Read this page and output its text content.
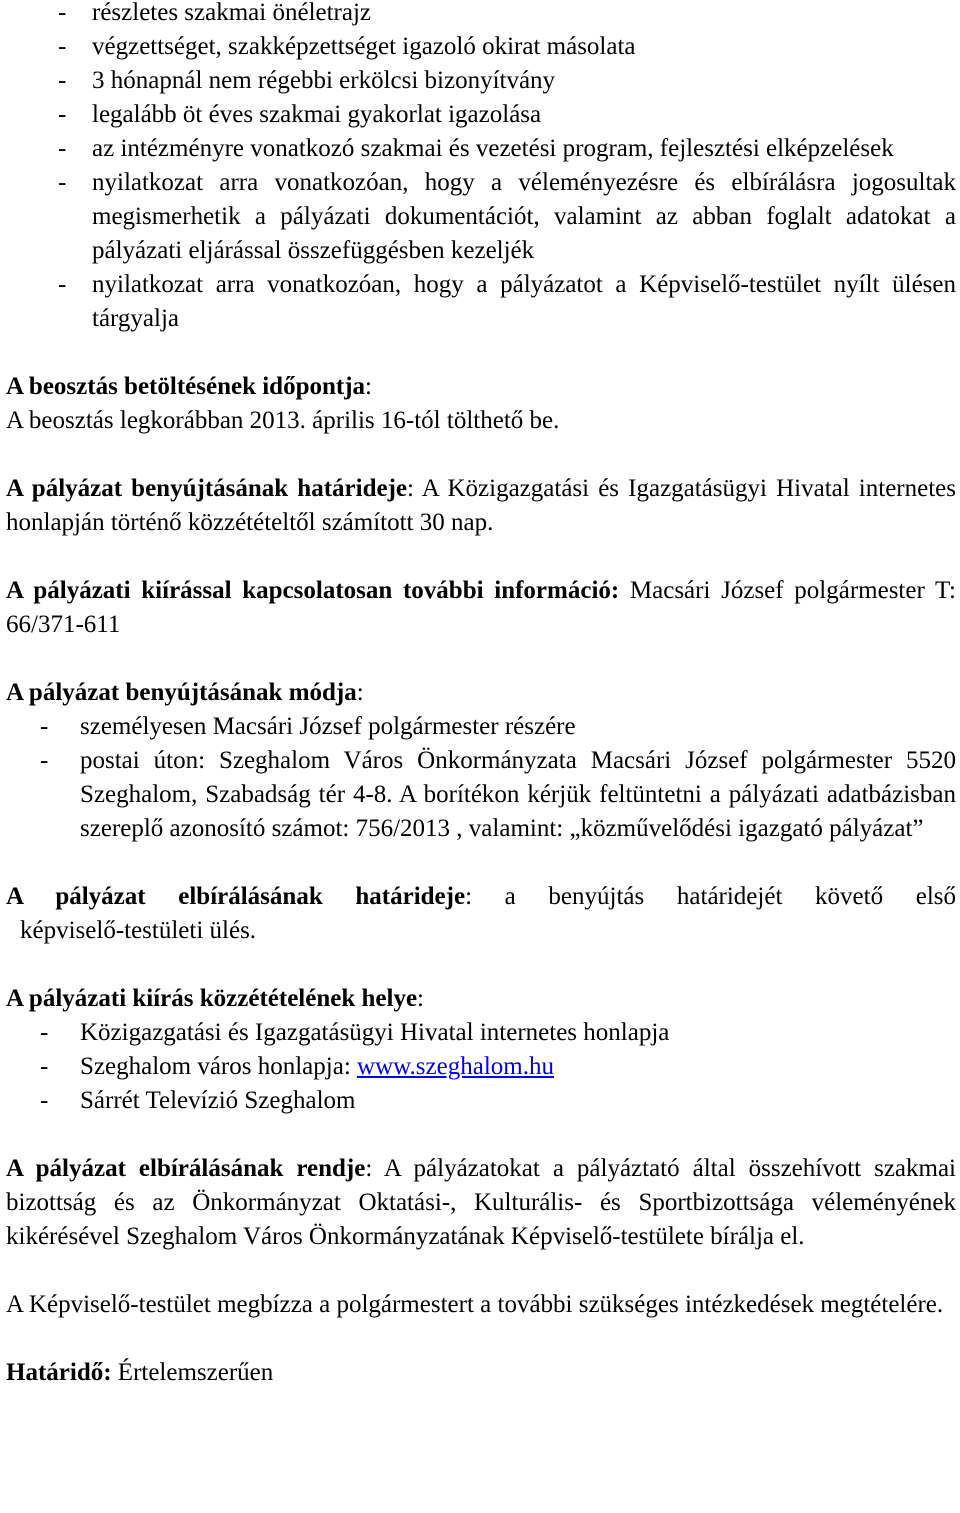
-	részletes szakmai önéletrajz
-	végzettséget, szakképzettséget igazoló okirat másolata
-	3 hónapnál nem régebbi erkölcsi bizonyítvány
-	legalább öt éves szakmai gyakorlat igazolása
-	az intézményre vonatkozó szakmai és vezetési program, fejlesztési elképzelések
-	nyilatkozat arra vonatkozóan, hogy a véleményezésre és elbírálásra jogosultak megismerhetik a pályázati dokumentációt, valamint az abban foglalt adatokat a pályázati eljárással összefüggésben kezeljék
-	nyilatkozat arra vonatkozóan, hogy a pályázatot a Képviselő-testület nyílt ülésen tárgyalja

A beosztás betöltésének időpontja:

A beosztás legkorábban 2013. április 16-tól tölthető be.

A pályázat benyújtásának határideje: A Közigazgatási és Igazgatásügyi Hivatal internetes honlapján történő közzétételtől számított 30 nap.

A pályázati kiírással kapcsolatosan további információ: Macsári József polgármester T: 66/371-611

A pályázat benyújtásának módja:

-	személyesen Macsári József polgármester részére
-	postai úton: Szeghalom Város Önkormányzata Macsári József polgármester 5520 Szeghalom, Szabadság tér 4-8. A borítékon kérjük feltüntetni a pályázati adatbázisban szereplő azonosító számot: 756/2013 , valamint: „közművelődési igazgató pályázat”

A pályázat elbírálásának határideje: a benyújtás határidejét követő első

képviselő-testületi ülés.

A pályázati kiírás közzétételének helye:

-	Közigazgatási és Igazgatásügyi Hivatal internetes honlapja
-	Szeghalom város honlapja: www.szeghalom.hu
-	Sárrét Televízió Szeghalom

A pályázat elbírálásának rendje: A pályázatokat a pályáztató által összehívott szakmai bizottság és az Önkormányzat Oktatási-, Kulturális- és Sportbizottsága véleményének kikérésével Szeghalom Város Önkormányzatának Képviselő-testülete bírálja el.

A Képviselő-testület megbízza a polgármestert a további szükséges intézkedések megtételére.

Határidő: Értelemszerűen
